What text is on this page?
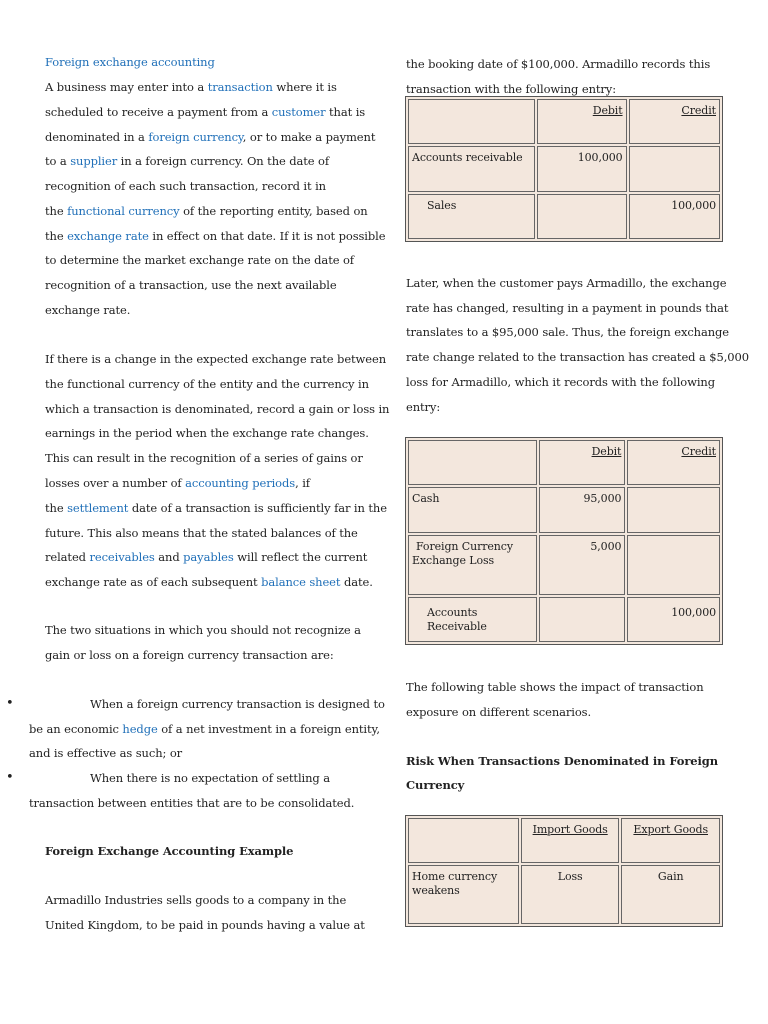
Foreign exchange accounting
A business may enter into a transaction where it is
scheduled to receive a payment from a customer that is
denominated in a foreign currency, or to make a payment
to a supplier in a foreign currency. On the date of
recognition of each such transaction, record it in
the functional currency of the reporting entity, based on
the exchange rate in effect on that date. If it is not possible
to determine the market exchange rate on the date of
recognition of a transaction, use the next available
exchange rate.
If there is a change in the expected exchange rate between
the functional currency of the entity and the currency in
which a transaction is denominated, record a gain or loss in
earnings in the period when the exchange rate changes.
This can result in the recognition of a series of gains or
losses over a number of accounting periods, if
the settlement date of a transaction is sufficiently far in the
future. This also means that the stated balances of the
related receivables and payables will reflect the current
exchange rate as of each subsequent balance sheet date.
The two situations in which you should not recognize a
gain or loss on a foreign currency transaction are:
•	When a foreign currency transaction is designed to
be an economic hedge of a net investment in a foreign entity,
and is effective as such; or
•	When there is no expectation of settling a
transaction between entities that are to be consolidated.
Foreign Exchange Accounting Example
Armadillo Industries sells goods to a company in the
United Kingdom, to be paid in pounds having a value at
the booking date of $100,000. Armadillo records this
transaction with the following entry:
	Debit	Credit
Accounts receivable	100,000	
Sales		100,000
Later, when the customer pays Armadillo, the exchange
rate has changed, resulting in a payment in pounds that
translates to a $95,000 sale. Thus, the foreign exchange
rate change related to the transaction has created a $5,000
loss for Armadillo, which it records with the following
entry:
	Debit	Credit
Cash	95,000	

Foreign Currency
Exchange Loss	5,000	
Accounts Receivable		100,000
The following table shows the impact of transaction
exposure on different scenarios.
Risk When Transactions Denominated in Foreign
Currency
	Import Goods	Export Goods

Home currency
weakens	Loss	Gain
